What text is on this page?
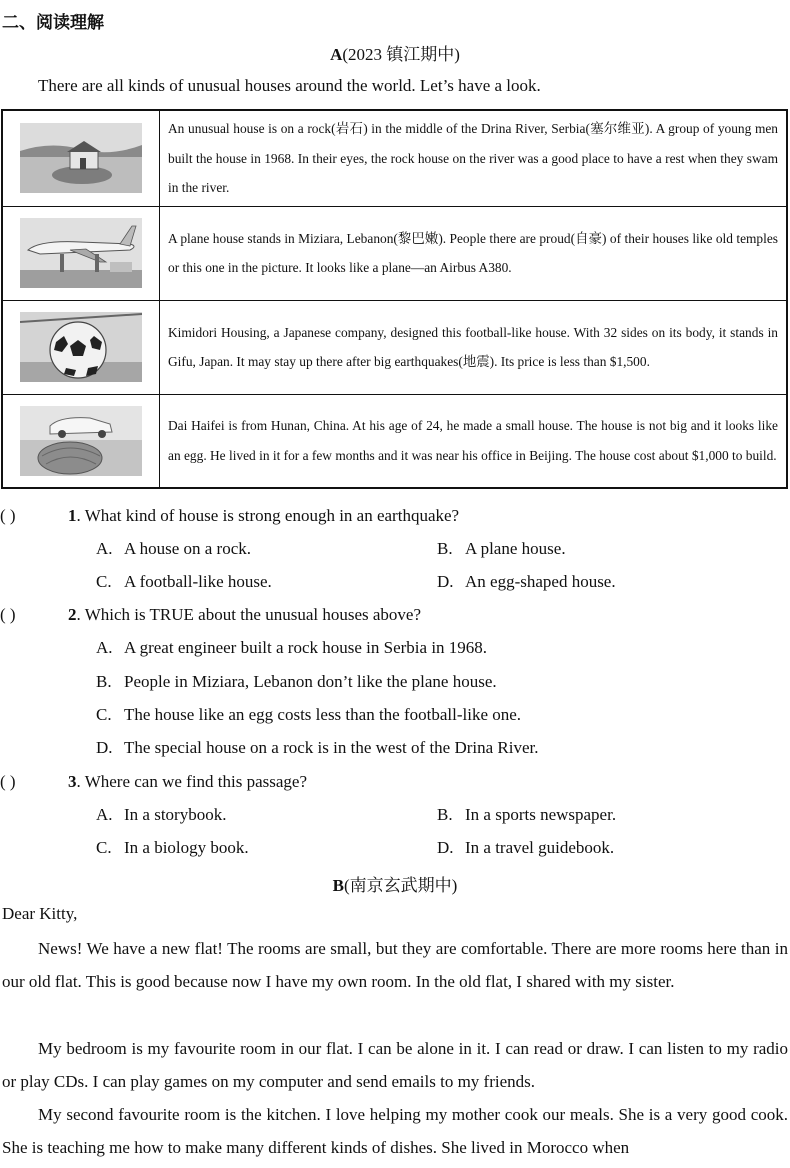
二、阅读理解
A(2023 镇江期中)
There are all kinds of unusual houses around the world. Let’s have a look.
	An unusual house is on a rock(岩石) in the middle of the Drina River, Serbia(塞尔维亚). A group of young men built the house in 1968. In their eyes, the rock house on the river was a good place to have a rest when they swam in the river.

	A plane house stands in Miziara, Lebanon(黎巴嫩). People there are proud(自豪) of their houses like old temples or this one in the picture. It looks like a plane—an Airbus A380.

	Kimidori Housing, a Japanese company, designed this football-like house. With 32 sides on its body, it stands in Gifu, Japan. It may stay up there after big earthquakes(地震). Its price is less than $1,500.

	Dai Haifei is from Hunan, China. At his age of 24, he made a small house. The house is not big and it looks like an egg. He lived in it for a few months and it was near his office in Beijing. The house cost about $1,000 to build.
( )	1. What kind of house is strong enough in an earthquake?
A. A house on a rock.	B. A plane house.
C. A football-like house.	D. An egg-shaped house.
( )	2. Which is TRUE about the unusual houses above?
A. A great engineer built a rock house in Serbia in 1968.
B. People in Miziara, Lebanon don’t like the plane house.
C. The house like an egg costs less than the football-like one.
D. The special house on a rock is in the west of the Drina River.
( )	3. Where can we find this passage?
A. In a storybook.	B. In a sports newspaper.
C. In a biology book.	D. In a travel guidebook.
B(南京玄武期中)
Dear Kitty,

News! We have a new flat! The rooms are small, but they are comfortable. There are more rooms here than in our old flat. This is good because now I have my own room. In the old flat, I shared with my sister.

My bedroom is my favourite room in our flat. I can be alone in it. I can read or draw. I can listen to my radio or play CDs. I can play games on my computer and send emails to my friends.

My second favourite room is the kitchen. I love helping my mother cook our meals. She is a very good cook. She is teaching me how to make many different kinds of dishes. She lived in Morocco when
